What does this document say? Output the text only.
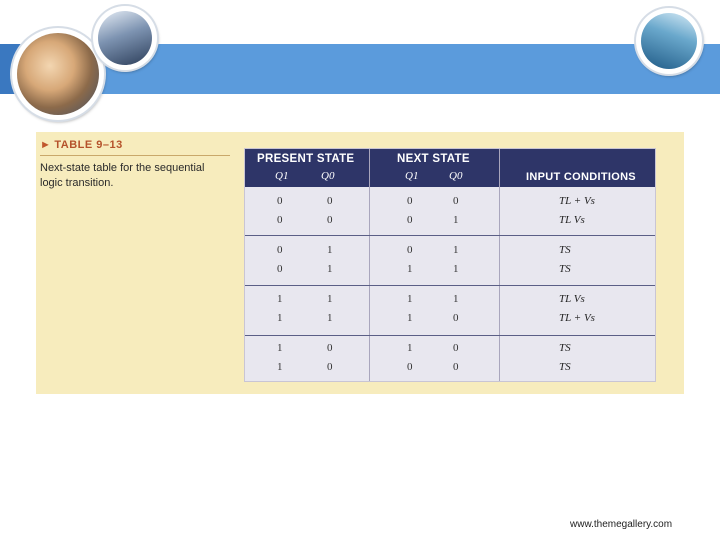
► TABLE 9–13
Next-state table for the sequential logic transition.
PRESENT STATE	NEXT STATE
Q1	Q0	Q1	Q0	INPUT CONDITIONS
0	0	0	0	TL + Vs
0	0	0	1	TL Vs
0	1	0	1	TS
0	1	1	1	TS
1	1	1	1	TL Vs
1	1	1	0	TL + Vs
1	0	1	0	TS
1	0	0	0	TS
www.themegallery.com
